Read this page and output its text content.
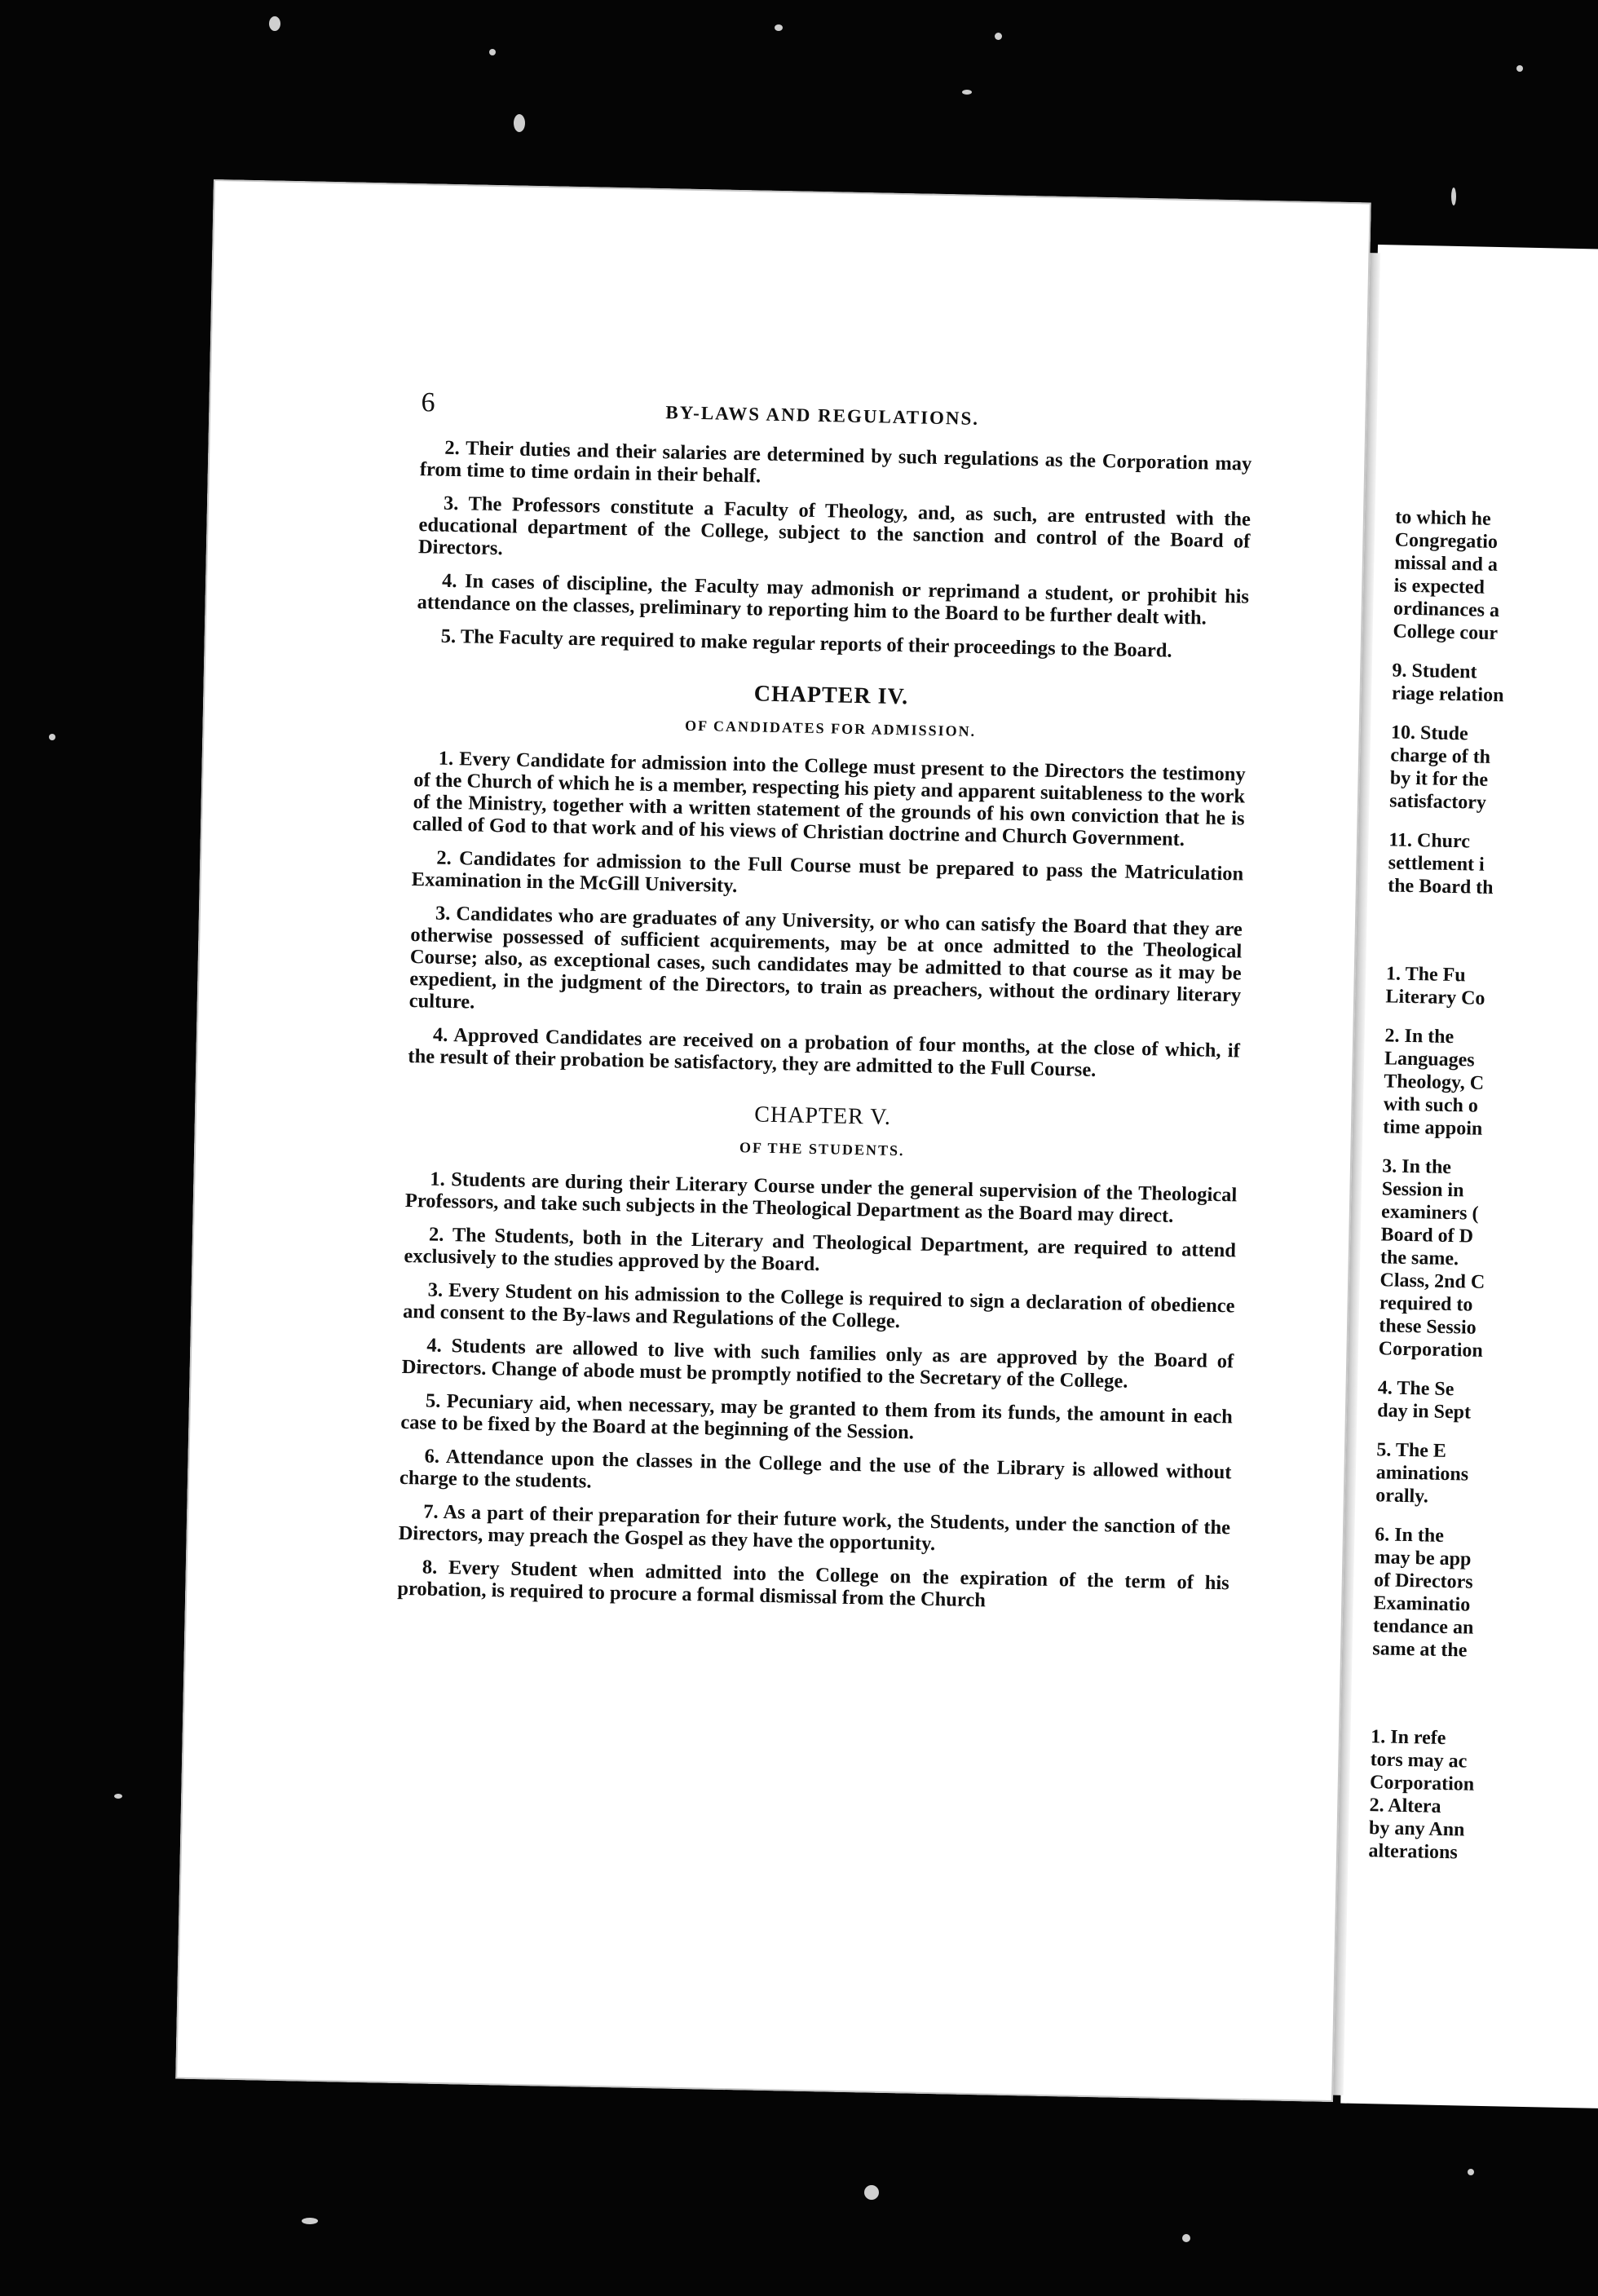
to which he
Congregatio
missal and a
is expected
ordinances a
College cour
9. Student
riage relation
10. Stude
charge of th
by it for the
satisfactory
11. Churc
settlement i
the Board th
1. The Fu
Literary Co
2. In the
Languages
Theology, C
with such o
time appoin
3. In the
Session in
examiners (
Board of D
the same.
Class, 2nd C
required to
these Sessio
Corporation
4. The Se
day in Sept
5. The E
aminations
orally.
6. In the
may be app
of Directors
Examinatio
tendance an
same at the
1. In refe
tors may ac
Corporation
2. Altera
by any Ann
alterations
6	BY-LAWS AND REGULATIONS.

2. Their duties and their salaries are determined by such regulations as the Corporation may from time to time ordain in their behalf.

3. The Professors constitute a Faculty of Theology, and, as such, are entrusted with the educational department of the College, subject to the sanction and control of the Board of Directors.

4. In cases of discipline, the Faculty may admonish or reprimand a student, or prohibit his attendance on the classes, preliminary to reporting him to the Board to be further dealt with.

5. The Faculty are required to make regular reports of their proceedings to the Board.

CHAPTER IV.
OF CANDIDATES FOR ADMISSION.

1. Every Candidate for admission into the College must present to the Directors the testimony of the Church of which he is a member, respecting his piety and apparent suitableness to the work of the Ministry, together with a written statement of the grounds of his own conviction that he is called of God to that work and of his views of Christian doctrine and Church Government.

2. Candidates for admission to the Full Course must be prepared to pass the Matriculation Examination in the McGill University.

3. Candidates who are graduates of any University, or who can satisfy the Board that they are otherwise possessed of sufficient acquirements, may be at once admitted to the Theological Course; also, as exceptional cases, such candidates may be admitted to that course as it may be expedient, in the judgment of the Directors, to train as preachers, without the ordinary literary culture.

4. Approved Candidates are received on a probation of four months, at the close of which, if the result of their probation be satisfactory, they are admitted to the Full Course.

CHAPTER V.
OF THE STUDENTS.

1. Students are during their Literary Course under the general supervision of the Theological Professors, and take such subjects in the Theological Department as the Board may direct.

2. The Students, both in the Literary and Theological Department, are required to attend exclusively to the studies approved by the Board.

3. Every Student on his admission to the College is required to sign a declaration of obedience and consent to the By-laws and Regulations of the College.

4. Students are allowed to live with such families only as are approved by the Board of Directors. Change of abode must be promptly notified to the Secretary of the College.

5. Pecuniary aid, when necessary, may be granted to them from its funds, the amount in each case to be fixed by the Board at the beginning of the Session.

6. Attendance upon the classes in the College and the use of the Library is allowed without charge to the students.

7. As a part of their preparation for their future work, the Students, under the sanction of the Directors, may preach the Gospel as they have the opportunity.

8. Every Student when admitted into the College on the expiration of the term of his probation, is required to procure a formal dismissal from the Church
